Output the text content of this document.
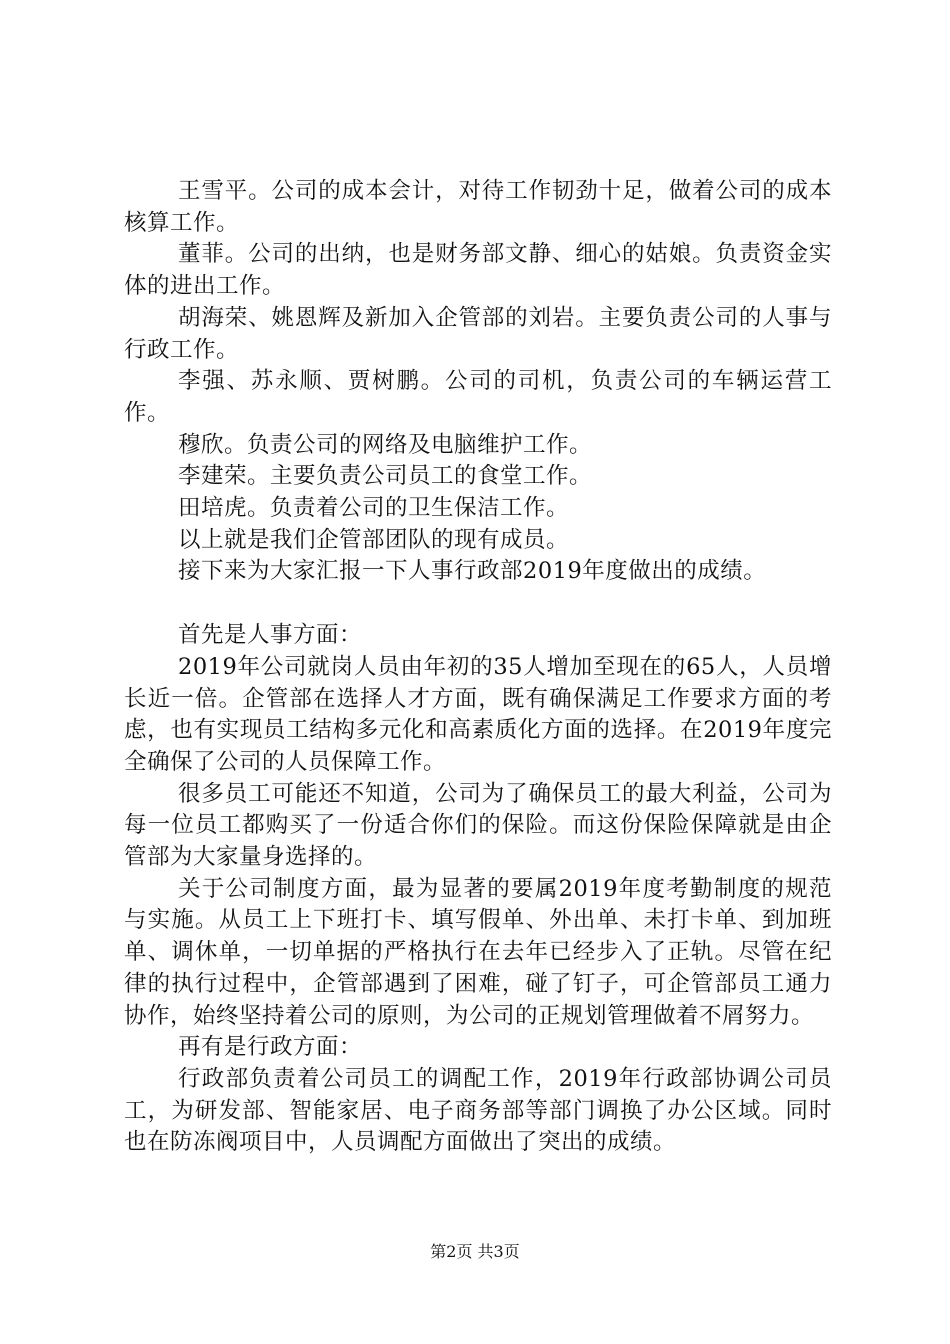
王雪平。公司的成本会计，对待工作韧劲十足，做着公司的成本核算工作。

董菲。公司的出纳，也是财务部文静、细心的姑娘。负责资金实体的进出工作。

胡海荣、姚恩辉及新加入企管部的刘岩。主要负责公司的人事与行政工作。

李强、苏永顺、贾树鹏。公司的司机，负责公司的车辆运营工作。

穆欣。负责公司的网络及电脑维护工作。

李建荣。主要负责公司员工的食堂工作。

田培虎。负责着公司的卫生保洁工作。

以上就是我们企管部团队的现有成员。

接下来为大家汇报一下人事行政部2019年度做出的成绩。

首先是人事方面：

2019年公司就岗人员由年初的35人增加至现在的65人，人员增长近一倍。企管部在选择人才方面，既有确保满足工作要求方面的考虑，也有实现员工结构多元化和高素质化方面的选择。在2019年度完全确保了公司的人员保障工作。

很多员工可能还不知道，公司为了确保员工的最大利益，公司为每一位员工都购买了一份适合你们的保险。而这份保险保障就是由企管部为大家量身选择的。

关于公司制度方面，最为显著的要属2019年度考勤制度的规范与实施。从员工上下班打卡、填写假单、外出单、未打卡单、到加班单、调休单，一切单据的严格执行在去年已经步入了正轨。尽管在纪律的执行过程中，企管部遇到了困难，碰了钉子，可企管部员工通力协作，始终坚持着公司的原则，为公司的正规划管理做着不屑努力。

再有是行政方面：

行政部负责着公司员工的调配工作，2019年行政部协调公司员工，为研发部、智能家居、电子商务部等部门调换了办公区域。同时也在防冻阀项目中，人员调配方面做出了突出的成绩。

第2页 共3页
